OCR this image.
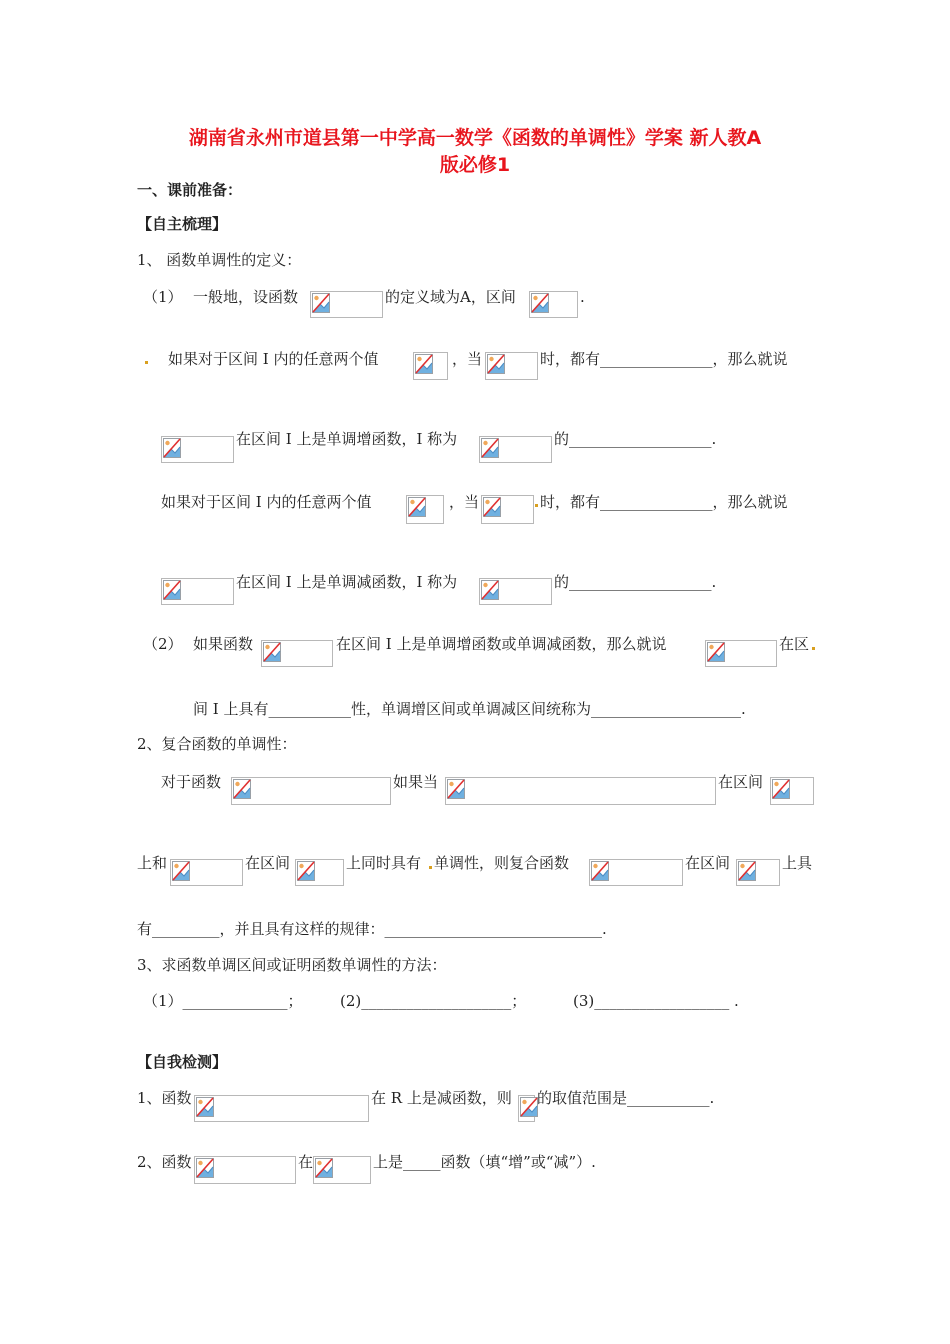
湖南省永州市道县第一中学高一数学《函数的单调性》学案 新人教A
版必修1
一、课前准备：
【自主梳理】
1、 函数单调性的定义：
（1） 一般地，设函数	的定义域为A，区间	.
如果对于区间 I 内的任意两个值	，当	时，都有_______________，那么就说
在区间 I 上是单调增函数，I 称为	的___________________.
如果对于区间 I 内的任意两个值	，当	时，都有_______________，那么就说
在区间 I 上是单调减函数，I 称为	的___________________.
（2） 如果函数	在区间 I 上是单调增函数或单调减函数，那么就说	在区
间 I 上具有___________性，单调增区间或单调减区间统称为____________________.
2、复合函数的单调性：
对于函数	如果当	在区间
上和	在区间	上同时具有 单调性，则复合函数	在区间	上具
有_________，并且具有这样的规律：_____________________________.
3、求函数单调区间或证明函数单调性的方法：
（1）______________； (2)____________________；	(3)__________________ .
【自我检测】
1、函数	在 R 上是减函数，则 的取值范围是___________.
2、函数	在	上是_____函数（填“增”或“减”）.
